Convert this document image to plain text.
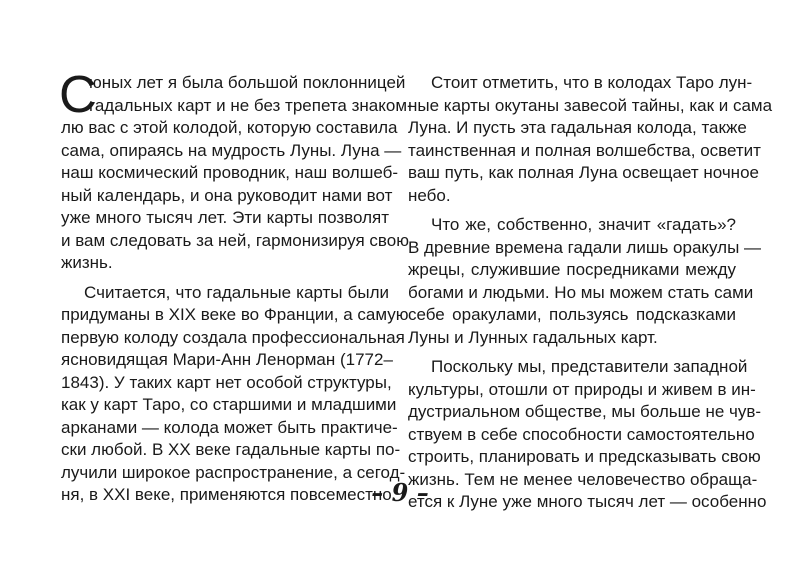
С
юных лет я была большой поклонницей
гадальных карт и не без трепета знаком-
лю вас с этой колодой, которую составила
сама, опираясь на мудрость Луны. Луна —
наш космический проводник, наш волшеб-
ный календарь, и она руководит нами вот
уже много тысяч лет. Эти карты позволят
и вам следовать за ней, гармонизируя свою
жизнь.
Считается, что гадальные карты были
придуманы в XIX веке во Франции, а самую
первую колоду создала профессиональная
ясновидящая Мари-Анн Ленорман (1772–
1843). У таких карт нет особой структуры,
как у карт Таро, со старшими и младшими
арканами — колода может быть практиче-
ски любой. В XX веке гадальные карты по-
лучили широкое распространение, а сегод-
ня, в XXI веке, применяются повсеместно.
Стоит отметить, что в колодах Таро лун-
ные карты окутаны завесой тайны, как и сама
Луна. И пусть эта гадальная колода, также
таинственная и полная волшебства, осветит
ваш путь, как полная Луна освещает ночное
небо.
Что же, собственно, значит «гадать»?
В древние времена гадали лишь оракулы —
жрецы, служившие посредниками между
богами и людьми. Но мы можем стать сами
себе оракулами, пользуясь подсказками
Луны и Лунных гадальных карт.
Поскольку мы, представители западной
культуры, отошли от природы и живем в ин-
дустриальном обществе, мы больше не чув-
ствуем в себе способности самостоятельно
строить, планировать и предсказывать свою
жизнь. Тем не менее человечество обраща-
ется к Луне уже много тысяч лет — особенно
– 9 –
